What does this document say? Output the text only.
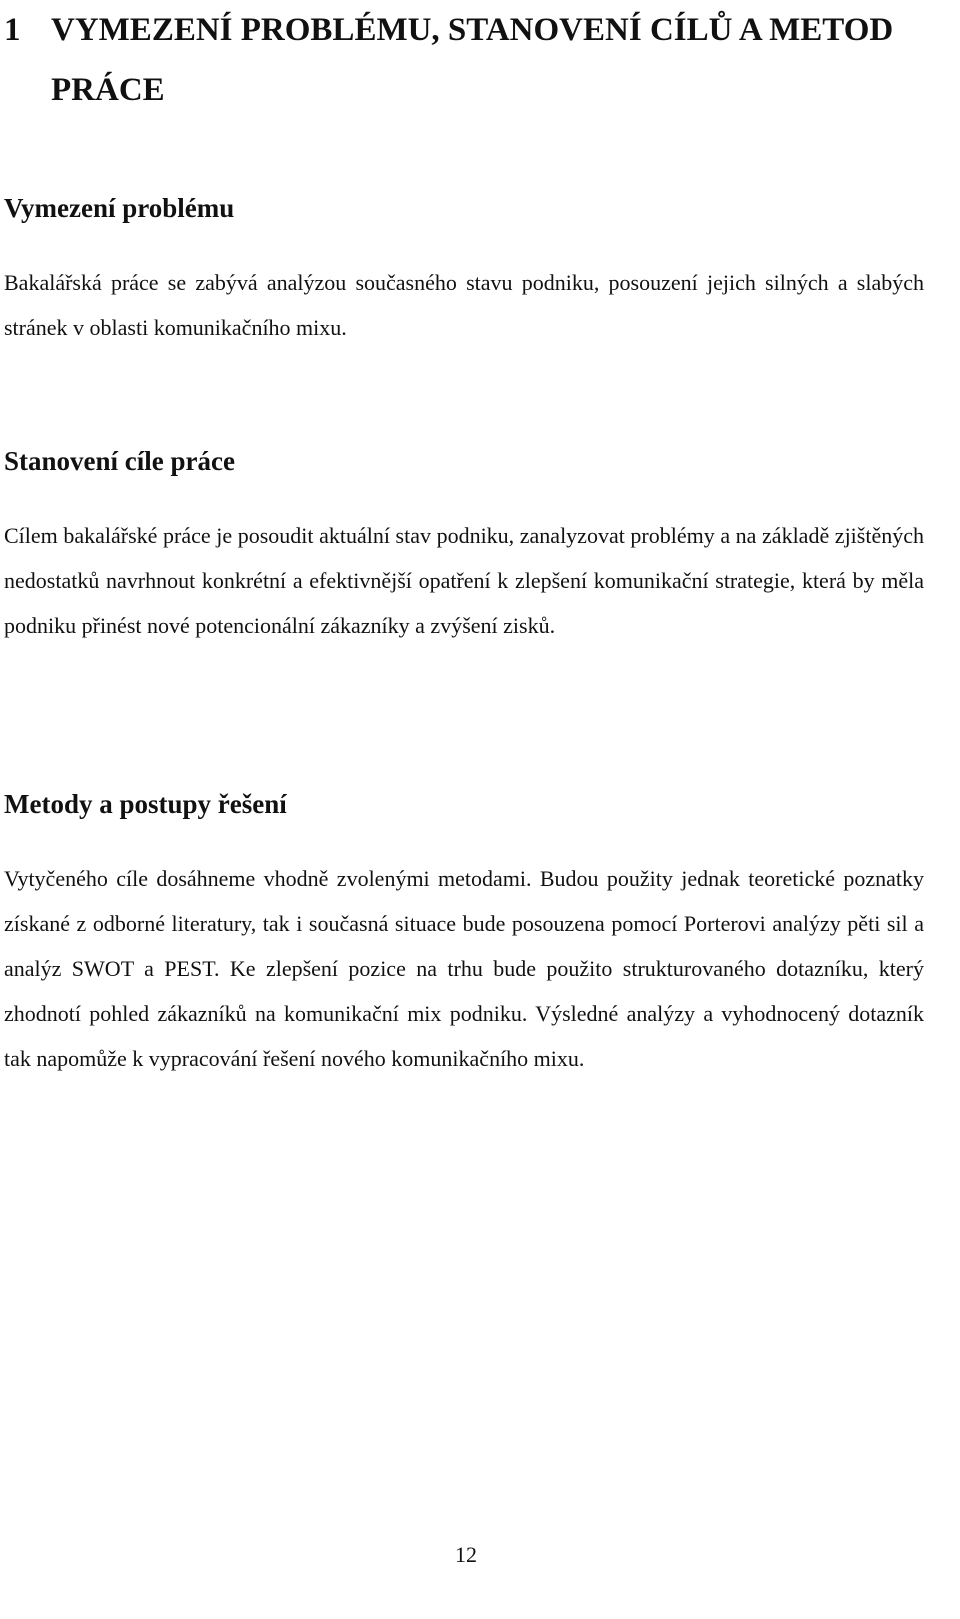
1 VYMEZENÍ PROBLÉMU, STANOVENÍ CÍLŮ A METOD PRÁCE
Vymezení problému

Bakalářská práce se zabývá analýzou současného stavu podniku, posouzení jejich silných a slabých stránek v oblasti komunikačního mixu.

Stanovení cíle práce

Cílem bakalářské práce je posoudit aktuální stav podniku, zanalyzovat problémy a na základě zjištěných nedostatků navrhnout konkrétní a efektivnější opatření k zlepšení komunikační strategie, která by měla podniku přinést nové potencionální zákazníky a zvýšení zisků.

Metody a postupy řešení

Vytyčeného cíle dosáhneme vhodně zvolenými metodami. Budou použity jednak teoretické poznatky získané z odborné literatury, tak i současná situace bude posouzena pomocí Porterovi analýzy pěti sil a analýz SWOT a PEST. Ke zlepšení pozice na trhu bude použito strukturovaného dotazníku, který zhodnotí pohled zákazníků na komunikační mix podniku. Výsledné analýzy a vyhodnocený dotazník tak napomůže k vypracování řešení nového komunikačního mixu.

12
